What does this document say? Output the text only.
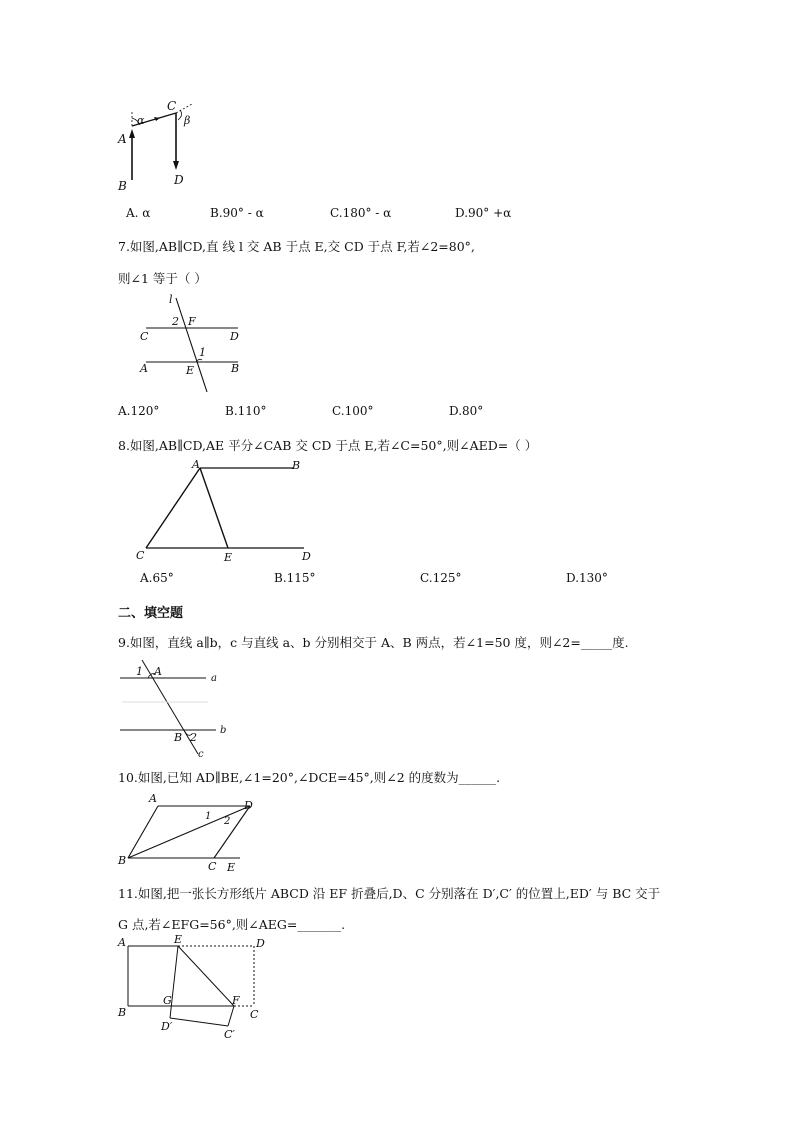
A
B
C
D
α	β
A. α	B.90° - α	C.180° - α	D.90° +α
7.如图,AB∥CD,直 线 l 交 AB 于点 E,交 CD 于点 F,若∠2=80°,
则∠1 等于（ ）
l
2 F
C	D
1
A	E	B
A.120°	B.110°	C.100°	D.80°
8.如图,AB∥CD,AE 平分∠CAB 交 CD 于点 E,若∠C=50°,则∠AED=（ ）
A	B
C	E	D
A.65°	B.115°	C.125°	D.130°
二、填空题
9.如图，直线 a∥b，c 与直线 a、b 分别相交于 A、B 两点，若∠1=50 度，则∠2=_____度.
1 A
a
B 2
b
c
10.如图,已知 AD∥BE,∠1=20°,∠DCE=45°,则∠2 的度数为______.
A
D
1 2
B	C E
11.如图,把一张长方形纸片 ABCD 沿 EF 折叠后,D、C 分别落在 D′,C′ 的位置上,ED′ 与 BC 交于
G 点,若∠EFG=56°,则∠AEG=_______.
A	E	D
G	F
B	C
D′
C′
